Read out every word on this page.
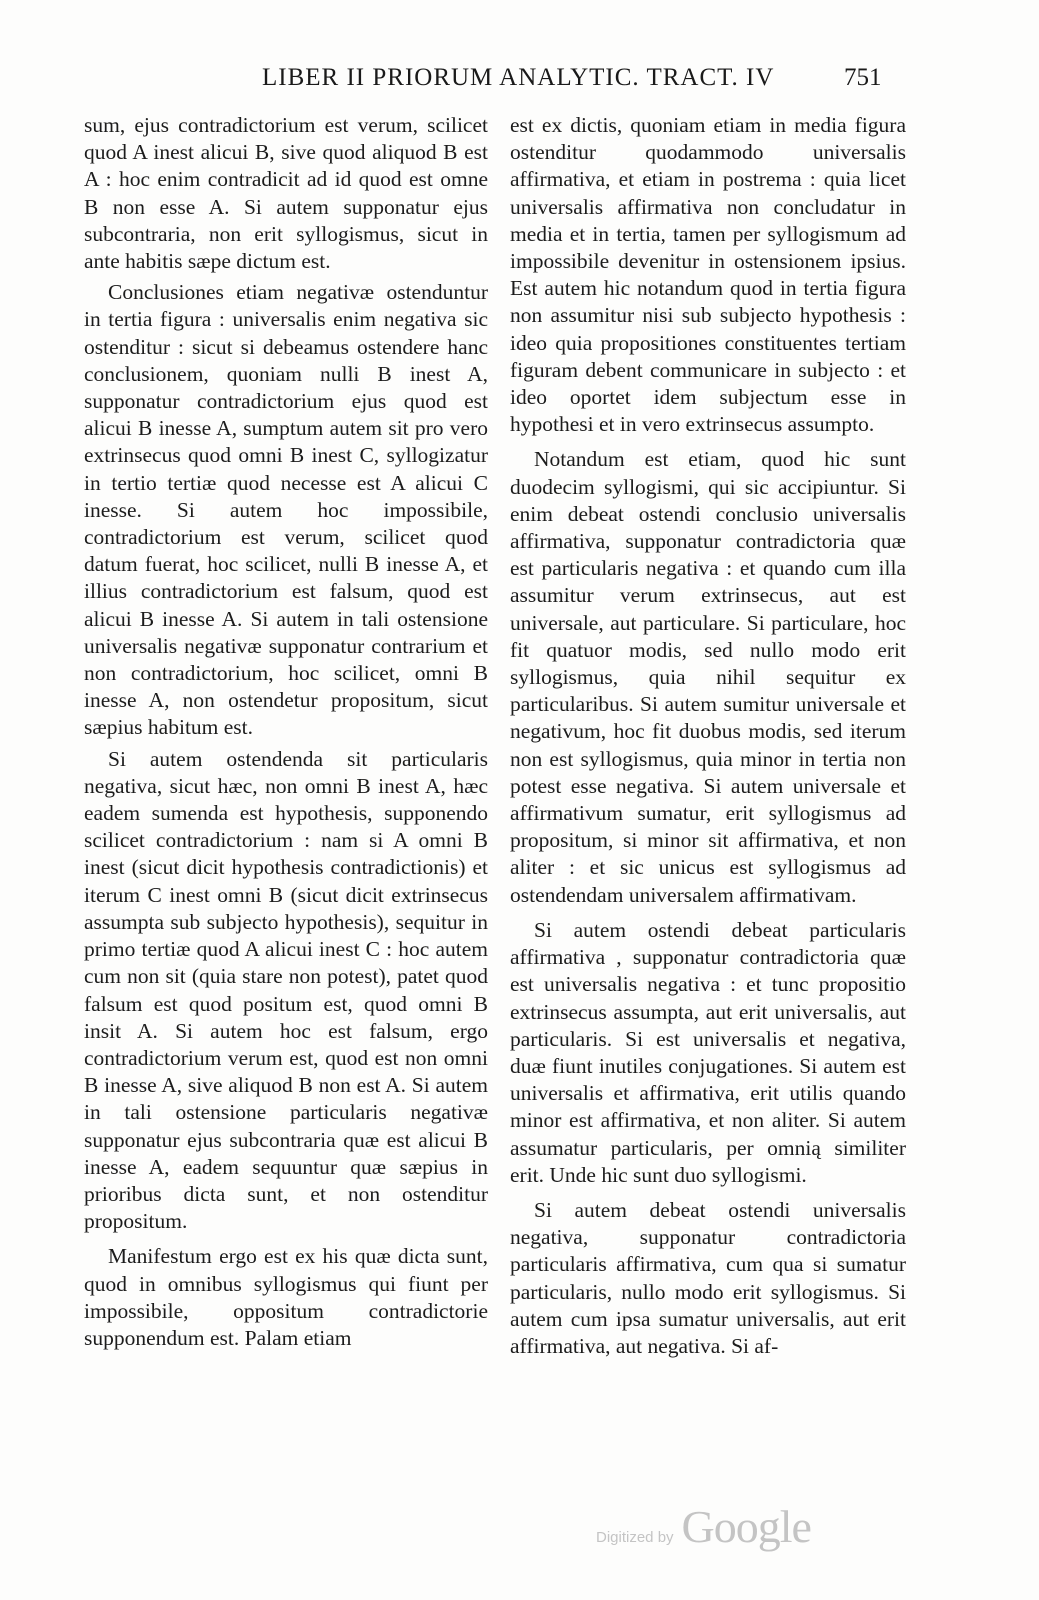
LIBER II PRIORUM ANALYTIC. TRACT. IV	751

sum, ejus contradictorium est verum, scilicet quod A inest alicui B, sive quod aliquod B est A : hoc enim contradicit ad id quod est omne B non esse A. Si autem supponatur ejus subcontraria, non erit syllogismus, sicut in ante habitis sæpe dictum est.

Conclusiones etiam negativæ ostenduntur in tertia figura : universalis enim negativa sic ostenditur : sicut si debeamus ostendere hanc conclusionem, quoniam nulli B inest A, supponatur contradictorium ejus quod est alicui B inesse A, sumptum autem sit pro vero extrinsecus quod omni B inest C, syllogizatur in tertio tertiæ quod necesse est A alicui C inesse. Si autem hoc impossibile, contradictorium est verum, scilicet quod datum fuerat, hoc scilicet, nulli B inesse A, et illius contradictorium est falsum, quod est alicui B inesse A. Si autem in tali ostensione universalis negativæ supponatur contrarium et non contradictorium, hoc scilicet, omni B inesse A, non ostendetur propositum, sicut sæpius habitum est.

Si autem ostendenda sit particularis negativa, sicut hæc, non omni B inest A, hæc eadem sumenda est hypothesis, supponendo scilicet contradictorium : nam si A omni B inest (sicut dicit hypothesis contradictionis) et iterum C inest omni B (sicut dicit extrinsecus assumpta sub subjecto hypothesis), sequitur in primo tertiæ quod A alicui inest C : hoc autem cum non sit (quia stare non potest), patet quod falsum est quod positum est, quod omni B insit A. Si autem hoc est falsum, ergo contradictorium verum est, quod est non omni B inesse A, sive aliquod B non est A. Si autem in tali ostensione particularis negativæ supponatur ejus subcontraria quæ est alicui B inesse A, eadem sequuntur quæ sæpius in prioribus dicta sunt, et non ostenditur propositum.

Manifestum ergo est ex his quæ dicta sunt, quod in omnibus syllogismus qui fiunt per impossibile, oppositum contradictorie supponendum est. Palam etiam

est ex dictis, quoniam etiam in media figura ostenditur quodammodo universalis affirmativa, et etiam in postrema : quia licet universalis affirmativa non concludatur in media et in tertia, tamen per syllogismum ad impossibile devenitur in ostensionem ipsius. Est autem hic notandum quod in tertia figura non assumitur nisi sub subjecto hypothesis : ideo quia propositiones constituentes tertiam figuram debent communicare in subjecto : et ideo oportet idem subjectum esse in hypothesi et in vero extrinsecus assumpto.

Notandum est etiam, quod hic sunt duodecim syllogismi, qui sic accipiuntur. Si enim debeat ostendi conclusio universalis affirmativa, supponatur contradictoria quæ est particularis negativa : et quando cum illa assumitur verum extrinsecus, aut est universale, aut particulare. Si particulare, hoc fit quatuor modis, sed nullo modo erit syllogismus, quia nihil sequitur ex particularibus. Si autem sumitur universale et negativum, hoc fit duobus modis, sed iterum non est syllogismus, quia minor in tertia non potest esse negativa. Si autem universale et affirmativum sumatur, erit syllogismus ad propositum, si minor sit affirmativa, et non aliter : et sic unicus est syllogismus ad ostendendam universalem affirmativam.

Si autem ostendi debeat particularis affirmativa , supponatur contradictoria quæ est universalis negativa : et tunc propositio extrinsecus assumpta, aut erit universalis, aut particularis. Si est universalis et negativa, duæ fiunt inutiles conjugationes. Si autem est universalis et affirmativa, erit utilis quando minor est affirmativa, et non aliter. Si autem assumatur particularis, per omnią similiter erit. Unde hic sunt duo syllogismi.

Si autem debeat ostendi universalis negativa, supponatur contradictoria particularis affirmativa, cum qua si sumatur particularis, nullo modo erit syllogismus. Si autem cum ipsa sumatur universalis, aut erit affirmativa, aut negativa. Si af-

Digitized by Google
